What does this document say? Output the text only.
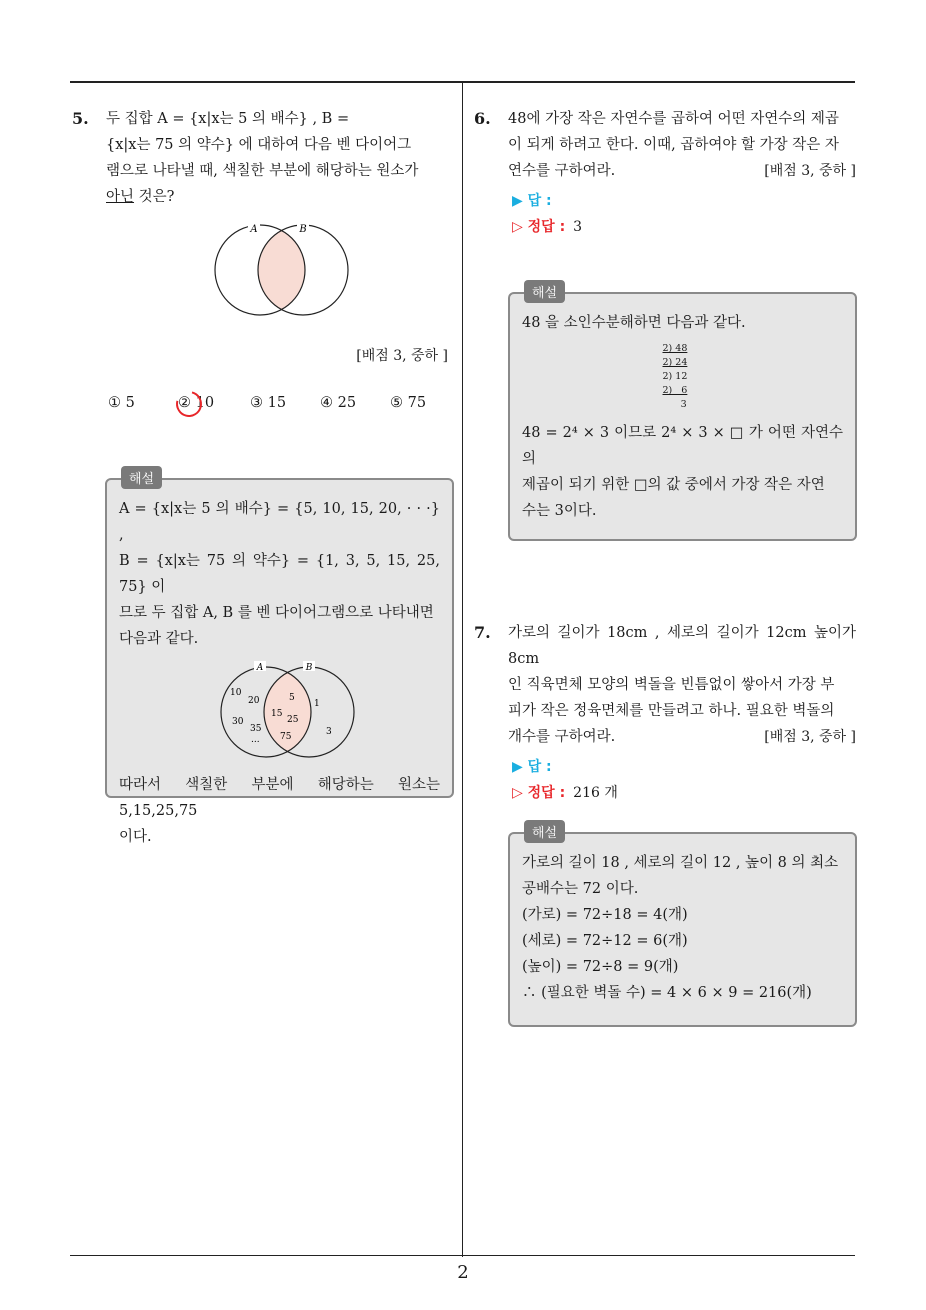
5. 두 집합 A = {x|x는 5 의 배수} , B =
{x|x는 75 의 약수} 에 대하여 다음 벤 다이어그
램으로 나타낼 때, 색칠한 부분에 해당하는 원소가
아닌 것은?

A	B
[배점 3, 중하 ]
① 5	② 10 ③ 15 ④ 25 ⑤ 75
해설

A = {x|x는 5 의 배수} = {5, 10, 15, 20, · · ·} ,
B = {x|x는 75 의 약수} = {1, 3, 5, 15, 25, 75} 이
므로 두 집합 A, B 를 벤 다이어그램으로 나타내면
다음과 같다.

A	B
10
20
30
35
...
5
15
25
75
1
3

따라서 색칠한 부분에 해당하는 원소는 5,15,25,75
이다.

6. 48에 가장 작은 자연수를 곱하여 어떤 자연수의 제곱
이 되게 하려고 한다. 이때, 곱하여야 할 가장 작은 자
연수를 구하여라.	[배점 3, 중하 ]

▶ 답 :
▷ 정답 : 3
해설

48 을 소인수분해하면 다음과 같다.

2) 48
2) 24
2) 12
2)   6
3

48 = 2⁴ × 3 이므로 2⁴ × 3 × □ 가 어떤 자연수의
제곱이 되기 위한 □의 값 중에서 가장 작은 자연
수는 3이다.

7. 가로의 길이가 18cm , 세로의 길이가 12cm 높이가 8cm
인 직육면체 모양의 벽돌을 빈틈없이 쌓아서 가장 부
피가 작은 정육면체를 만들려고 하나. 필요한 벽돌의
개수를 구하여라.	[배점 3, 중하 ]

▶ 답 :
▷ 정답 : 216 개
해설

가로의 길이 18 , 세로의 길이 12 , 높이 8 의 최소
공배수는 72 이다.
(가로) = 72÷18 = 4(개)
(세로) = 72÷12 = 6(개)
(높이) = 72÷8 = 9(개)
∴ (필요한 벽돌 수) = 4 × 6 × 9 = 216(개)

2
